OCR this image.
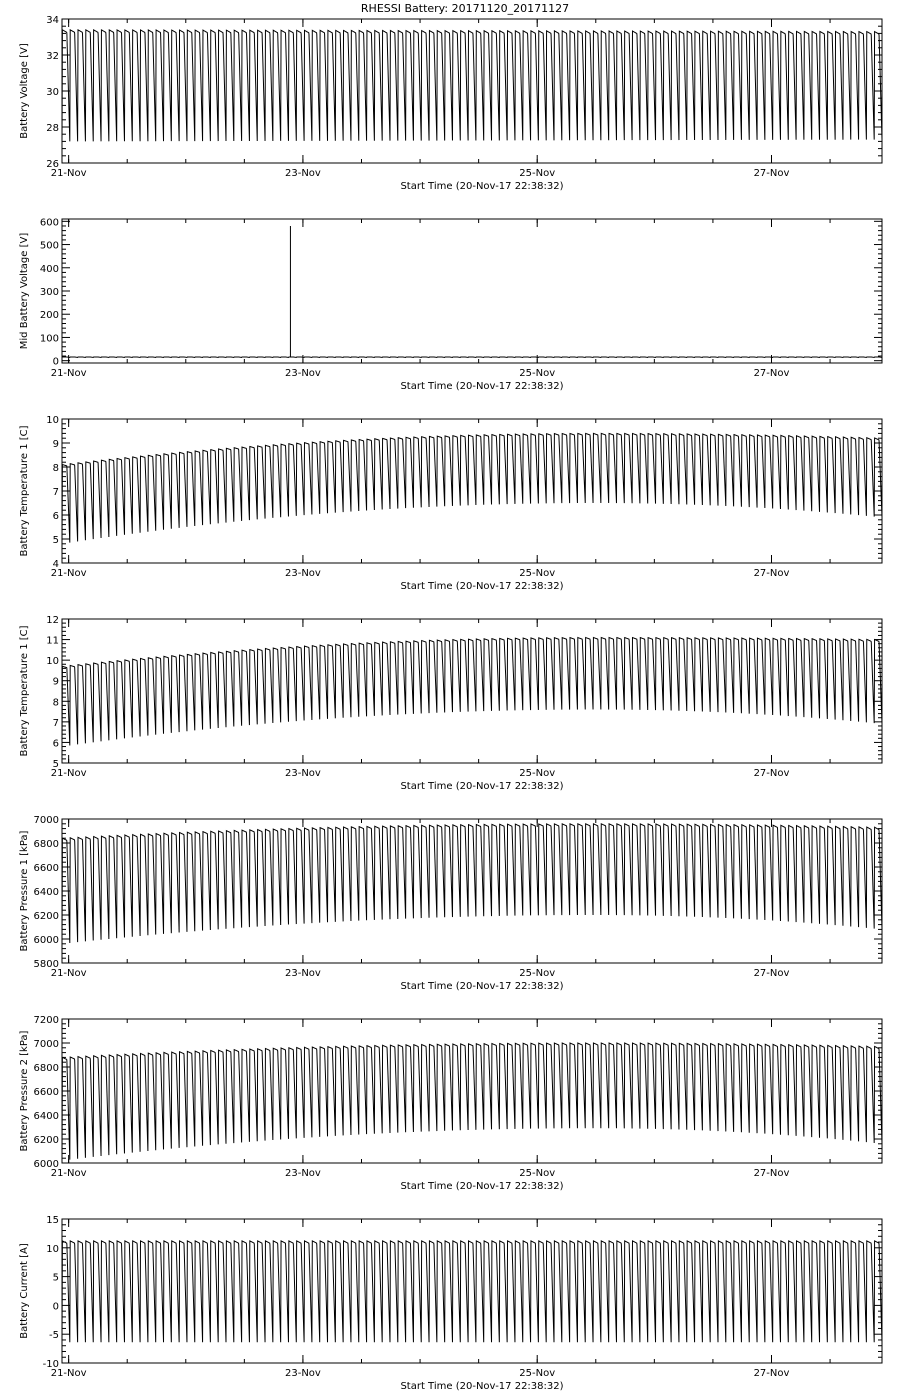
RHESSI Battery: 20171120_20171127
26
28
30
32
34
21-Nov	23-Nov	25-Nov	27-Nov
Start Time (20-Nov-17 22:38:32)
Battery Voltage [V]
0
100
200
300
400
500
600
21-Nov	23-Nov	25-Nov	27-Nov
Start Time (20-Nov-17 22:38:32)
Mid Battery Voltage [V]
4
5
6
7
8
9
10
21-Nov	23-Nov	25-Nov	27-Nov
Start Time (20-Nov-17 22:38:32)
Battery Temperature 1 [C]
5
6
7
8
9
10
11
12
21-Nov	23-Nov	25-Nov	27-Nov
Start Time (20-Nov-17 22:38:32)
Battery Temperature 1 [C]
5800
6000
6200
6400
6600
6800
7000
21-Nov	23-Nov	25-Nov	27-Nov
Start Time (20-Nov-17 22:38:32)
Battery Pressure 1 [kPa]
6000
6200
6400
6600
6800
7000
7200
21-Nov	23-Nov	25-Nov	27-Nov
Start Time (20-Nov-17 22:38:32)
Battery Pressure 2 [kPa]
-10
-5
0
5
10
15
21-Nov	23-Nov	25-Nov	27-Nov
Start Time (20-Nov-17 22:38:32)
Battery Current [A]
